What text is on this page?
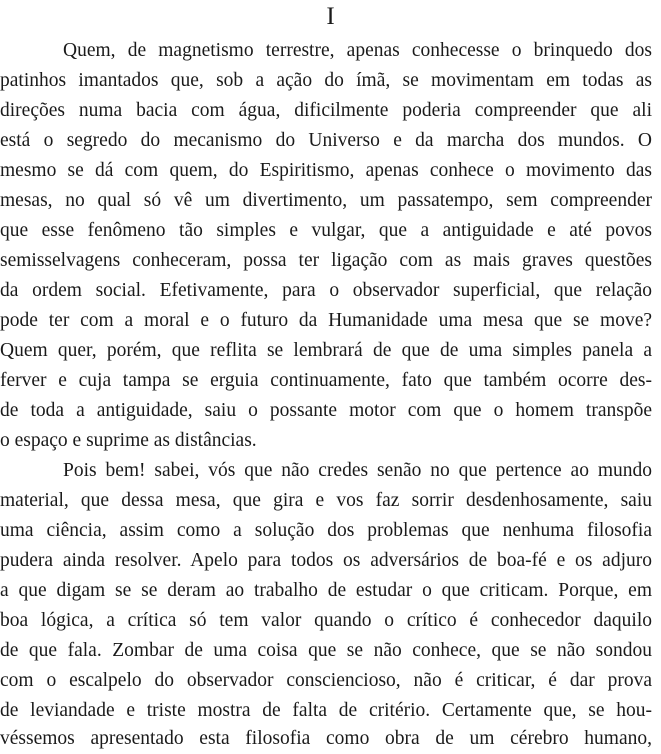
I
Quem, de magnetismo terrestre, apenas conhecesse o brinquedo dos
patinhos imantados que, sob a ação do ímã, se movimentam em todas as
direções numa bacia com água, dificilmente poderia compreender que ali
está o segredo do mecanismo do Universo e da marcha dos mundos. O
mesmo se dá com quem, do Espiritismo, apenas conhece o movimento das
mesas, no qual só vê um divertimento, um passatempo, sem compreender
que esse fenômeno tão simples e vulgar, que a antiguidade e até povos
semisselvagens conheceram, possa ter ligação com as mais graves questões
da ordem social. Efetivamente, para o observador superficial, que relação
pode ter com a moral e o futuro da Humanidade uma mesa que se move?
Quem quer, porém, que reflita se lembrará de que de uma simples panela a
ferver e cuja tampa se erguia continuamente, fato que também ocorre des-
de toda a antiguidade, saiu o possante motor com que o homem transpõe
o espaço e suprime as distâncias.
Pois bem! sabei, vós que não credes senão no que pertence ao mundo
material, que dessa mesa, que gira e vos faz sorrir desdenhosamente, saiu
uma ciência, assim como a solução dos problemas que nenhuma filosofia
pudera ainda resolver. Apelo para todos os adversários de boa-fé e os adjuro
a que digam se se deram ao trabalho de estudar o que criticam. Porque, em
boa lógica, a crítica só tem valor quando o crítico é conhecedor daquilo
de que fala. Zombar de uma coisa que se não conhece, que se não sondou
com o escalpelo do observador consciencioso, não é criticar, é dar prova
de leviandade e triste mostra de falta de critério. Certamente que, se hou-
véssemos apresentado esta filosofia como obra de um cérebro humano,
